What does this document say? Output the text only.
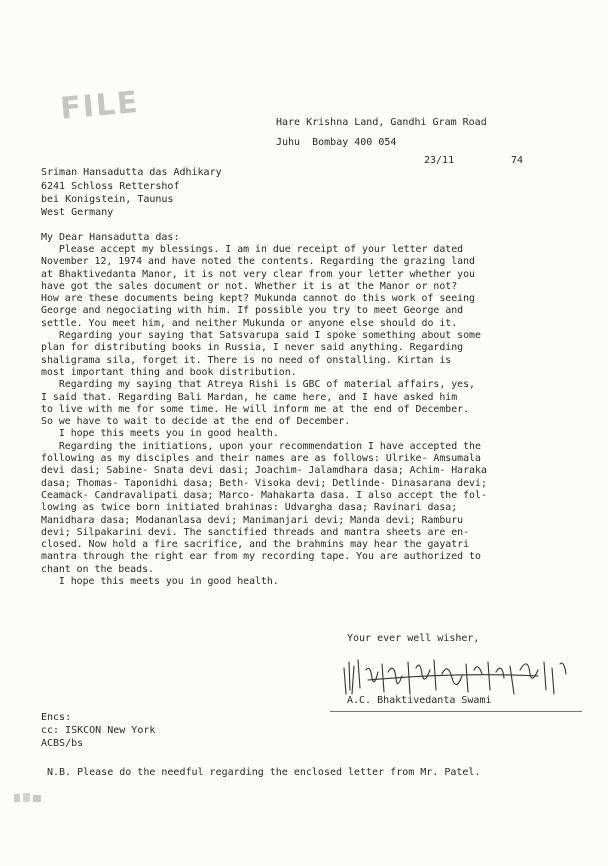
FILE	Hare Krishna Land, Gandhi Gram Road
Juhu  Bombay 400 054
23/11	74
Sriman Hansadutta das Adhikary
6241 Schloss Rettershof
bei Konigstein, Taunus
West Germany
My Dear Hansadutta das:
Please accept my blessings. I am in due receipt of your letter dated
November 12, 1974 and have noted the contents. Regarding the grazing land
at Bhaktivedanta Manor, it is not very clear from your letter whether you
have got the sales document or not. Whether it is at the Manor or not?
How are these documents being kept? Mukunda cannot do this work of seeing
George and negociating with him. If possible you try to meet George and
settle. You meet him, and neither Mukunda or anyone else should do it.
Regarding your saying that Satsvarupa said I spoke something about some
plan for distributing books in Russia, I never said anything. Regarding
shaligrama sila, forget it. There is no need of onstalling. Kirtan is
most important thing and book distribution.
Regarding my saying that Atreya Rishi is GBC of material affairs, yes,
I said that. Regarding Bali Mardan, he came here, and I have asked him
to live with me for some time. He will inform me at the end of December.
So we have to wait to decide at the end of December.
I hope this meets you in good health.
Regarding the initiations, upon your recommendation I have accepted the
following as my disciples and their names are as follows: Ulrike- Amsumala
devi dasi; Sabine- Snata devi dasi; Joachim- Jalamdhara dasa; Achim- Haraka
dasa; Thomas- Taponidhi dasa; Beth- Visoka devi; Detlinde- Dinasarana devi;
Ceamack- Candravalipati dasa; Marco- Mahakarta dasa. I also accept the fol-
lowing as twice born initiated brahinas: Udvargha dasa; Ravinari dasa;
Manidhara dasa; Modananlasa devi; Manimanjari devi; Manda devi; Ramburu
devi; Silpakarini devi. The sanctified threads and mantra sheets are en-
closed. Now hold a fire sacrifice, and the brahmins may hear the gayatri
mantra through the right ear from my recording tape. You are authorized to
chant on the beads.
I hope this meets you in good health.
Your ever well wisher,
A.C. Bhaktivedanta Swami
Encs:
cc: ISKCON New York
ACBS/bs
N.B. Please do the needful regarding the enclosed letter from Mr. Patel.
